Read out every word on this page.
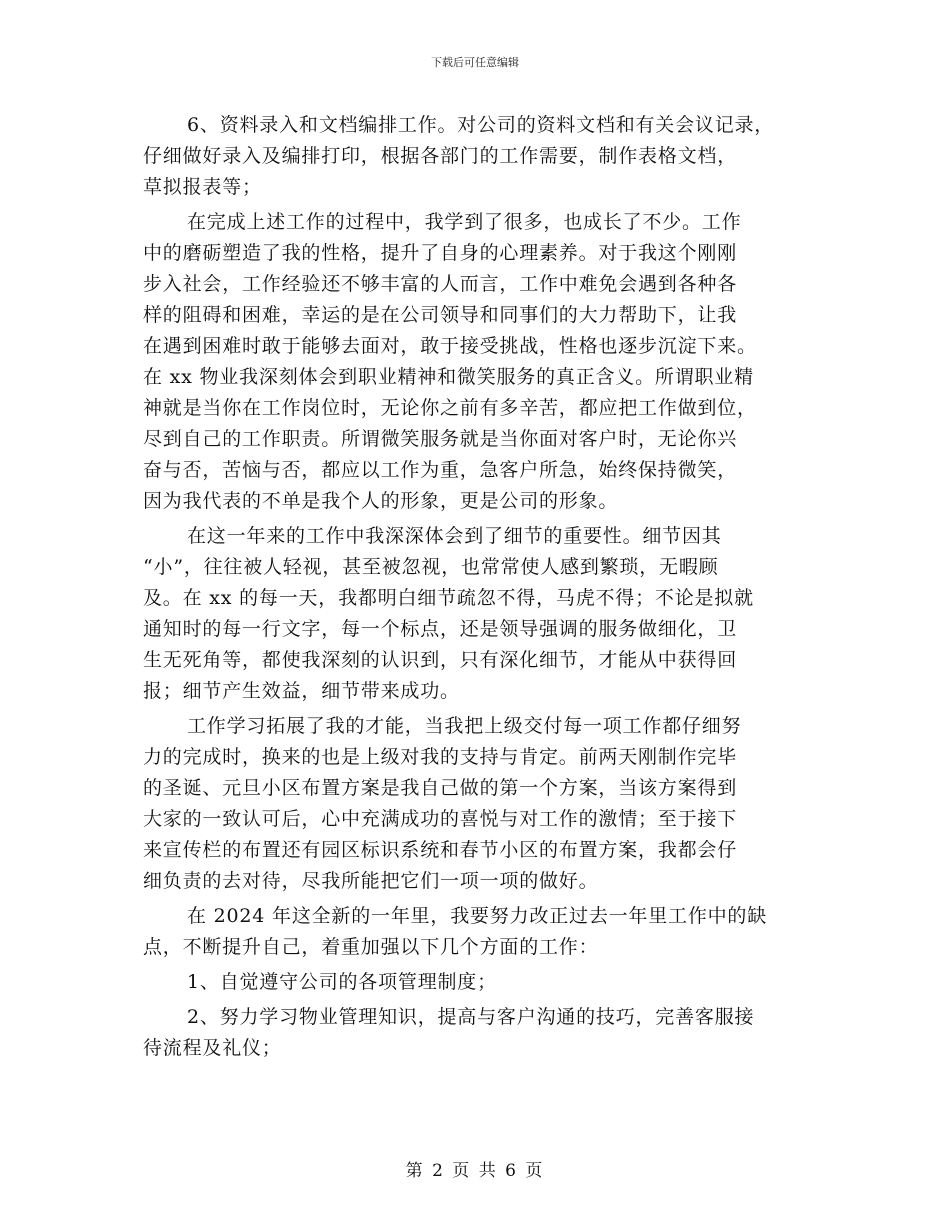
下载后可任意编辑
6、资料录入和文档编排工作。对公司的资料文档和有关会议记录，
仔细做好录入及编排打印，根据各部门的工作需要，制作表格文档，
草拟报表等；
在完成上述工作的过程中，我学到了很多，也成长了不少。工作
中的磨砺塑造了我的性格，提升了自身的心理素养。对于我这个刚刚
步入社会，工作经验还不够丰富的人而言，工作中难免会遇到各种各
样的阻碍和困难，幸运的是在公司领导和同事们的大力帮助下，让我
在遇到困难时敢于能够去面对，敢于接受挑战，性格也逐步沉淀下来。
在 xx 物业我深刻体会到职业精神和微笑服务的真正含义。所谓职业精
神就是当你在工作岗位时，无论你之前有多辛苦，都应把工作做到位，
尽到自己的工作职责。所谓微笑服务就是当你面对客户时，无论你兴
奋与否，苦恼与否，都应以工作为重，急客户所急，始终保持微笑，
因为我代表的不单是我个人的形象，更是公司的形象。
在这一年来的工作中我深深体会到了细节的重要性。细节因其
“小”，往往被人轻视，甚至被忽视，也常常使人感到繁琐，无暇顾
及。在 xx 的每一天，我都明白细节疏忽不得，马虎不得；不论是拟就
通知时的每一行文字，每一个标点，还是领导强调的服务做细化，卫
生无死角等，都使我深刻的认识到，只有深化细节，才能从中获得回
报；细节产生效益，细节带来成功。
工作学习拓展了我的才能，当我把上级交付每一项工作都仔细努
力的完成时，换来的也是上级对我的支持与肯定。前两天刚制作完毕
的圣诞、元旦小区布置方案是我自己做的第一个方案，当该方案得到
大家的一致认可后，心中充满成功的喜悦与对工作的激情；至于接下
来宣传栏的布置还有园区标识系统和春节小区的布置方案，我都会仔
细负责的去对待，尽我所能把它们一项一项的做好。
在 2024 年这全新的一年里，我要努力改正过去一年里工作中的缺
点，不断提升自己，着重加强以下几个方面的工作：
1、自觉遵守公司的各项管理制度；
2、努力学习物业管理知识，提高与客户沟通的技巧，完善客服接
待流程及礼仪；
第 2 页 共 6 页
